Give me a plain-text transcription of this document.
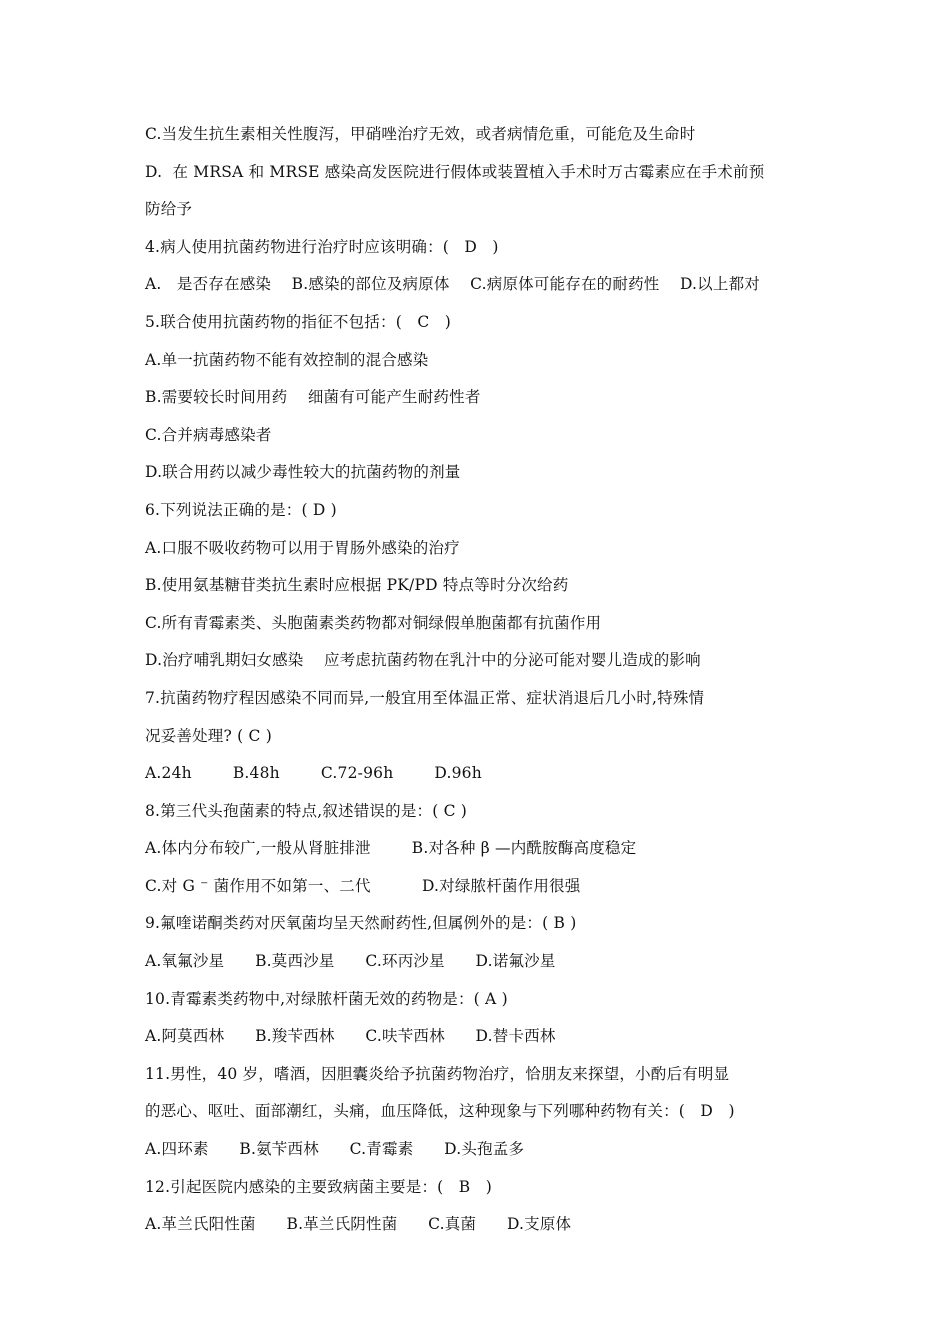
C.当发生抗生素相关性腹泻，甲硝唑治疗无效，或者病情危重，可能危及生命时
D.  在 MRSA 和 MRSE 感染高发医院进行假体或装置植入手术时万古霉素应在手术前预
防给予
4.病人使用抗菌药物进行治疗时应该明确：(   D   )
A.   是否存在感染    B.感染的部位及病原体    C.病原体可能存在的耐药性    D.以上都对
5.联合使用抗菌药物的指征不包括：(   C   )
A.单一抗菌药物不能有效控制的混合感染
B.需要较长时间用药    细菌有可能产生耐药性者
C.合并病毒感染者
D.联合用药以减少毒性较大的抗菌药物的剂量
6.下列说法正确的是：( D )
A.口服不吸收药物可以用于胃肠外感染的治疗
B.使用氨基糖苷类抗生素时应根据 PK/PD 特点等时分次给药
C.所有青霉素类、头胞菌素类药物都对铜绿假单胞菌都有抗菌作用
D.治疗哺乳期妇女感染    应考虑抗菌药物在乳汁中的分泌可能对婴儿造成的影响
7.抗菌药物疗程因感染不同而异,一般宜用至体温正常、症状消退后几小时,特殊情
况妥善处理? ( C )
A.24h        B.48h        C.72-96h        D.96h
8.第三代头孢菌素的特点,叙述错误的是：( C )
A.体内分布较广,一般从肾脏排泄        B.对各种 β —内酰胺酶高度稳定
C.对 G ⁻ 菌作用不如第一、二代          D.对绿脓杆菌作用很强
9.氟喹诺酮类药对厌氧菌均呈天然耐药性,但属例外的是：( B )
A.氧氟沙星      B.莫西沙星      C.环丙沙星      D.诺氟沙星
10.青霉素类药物中,对绿脓杆菌无效的药物是：( A )
A.阿莫西林      B.羧苄西林      C.呋苄西林      D.替卡西林
11.男性，40 岁，嗜酒，因胆囊炎给予抗菌药物治疗，恰朋友来探望，小酌后有明显
的恶心、呕吐、面部潮红，头痛，血压降低，这种现象与下列哪种药物有关：(   D   )
A.四环素      B.氨苄西林      C.青霉素      D.头孢孟多
12.引起医院内感染的主要致病菌主要是：(   B   )
A.革兰氏阳性菌      B.革兰氏阴性菌      C.真菌      D.支原体
